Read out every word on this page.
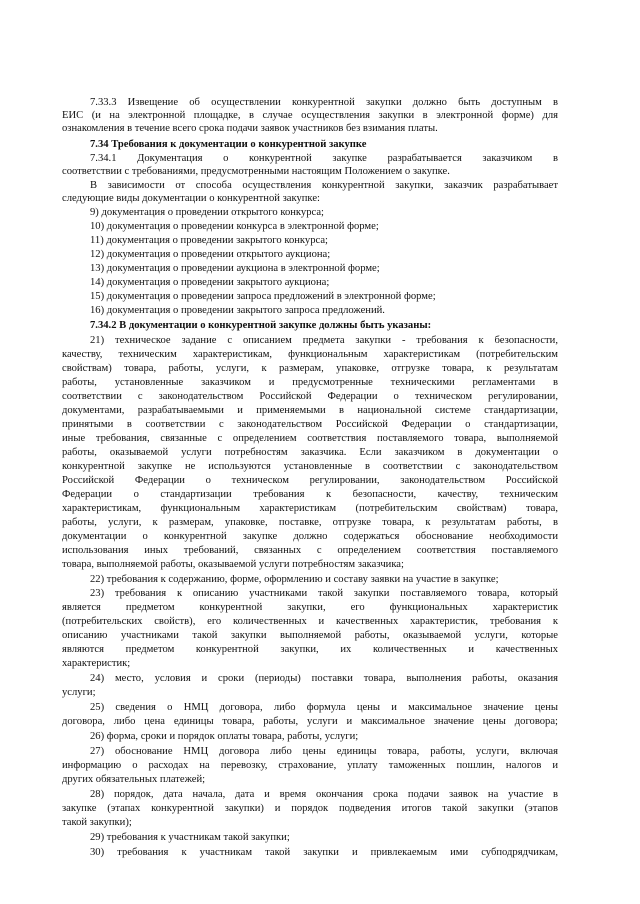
7.33.3 Извещение об осуществлении конкурентной закупки должно быть доступным в
ЕИС (и на электронной площадке, в случае осуществления закупки в электронной форме) для
ознакомления в течение всего срока подачи заявок участников без взимания платы.
7.34 Требования к документации о конкурентной закупке
7.34.1 Документация о конкурентной закупке разрабатывается заказчиком в
соответствии с требованиями, предусмотренными настоящим Положением о закупке.
В зависимости от способа осуществления конкурентной закупки, заказчик разрабатывает
следующие виды документации о конкурентной закупке:
9) документация о проведении открытого конкурса;
10) документация о проведении конкурса в электронной форме;
11) документация о проведении закрытого конкурса;
12) документация о проведении открытого аукциона;
13) документация о проведении аукциона в электронной форме;
14) документация о проведении закрытого аукциона;
15) документация о проведении запроса предложений в электронной форме;
16) документация о проведении закрытого запроса предложений.
7.34.2 В документации о конкурентной закупке должны быть указаны:
21) техническое задание с описанием предмета закупки - требования к безопасности,
качеству, техническим характеристикам, функциональным характеристикам (потребительским
свойствам) товара, работы, услуги, к размерам, упаковке, отгрузке товара, к результатам
работы, установленные заказчиком и предусмотренные техническими регламентами в
соответствии с законодательством Российской Федерации о техническом регулировании,
документами, разрабатываемыми и применяемыми в национальной системе стандартизации,
принятыми в соответствии с законодательством Российской Федерации о стандартизации,
иные требования, связанные с определением соответствия поставляемого товара, выполняемой
работы, оказываемой услуги потребностям заказчика. Если заказчиком в документации о
конкурентной закупке не используются установленные в соответствии с законодательством
Российской Федерации о техническом регулировании, законодательством Российской
Федерации о стандартизации требования к безопасности, качеству, техническим
характеристикам, функциональным характеристикам (потребительским свойствам) товара,
работы, услуги, к размерам, упаковке, поставке, отгрузке товара, к результатам работы, в
документации о конкурентной закупке должно содержаться обоснование необходимости
использования иных требований, связанных с определением соответствия поставляемого
товара, выполняемой работы, оказываемой услуги потребностям заказчика;
22) требования к содержанию, форме, оформлению и составу заявки на участие в закупке;
23) требования к описанию участниками такой закупки поставляемого товара, который
является предметом конкурентной закупки, его функциональных характеристик
(потребительских свойств), его количественных и качественных характеристик, требования к
описанию участниками такой закупки выполняемой работы, оказываемой услуги, которые
являются предметом конкурентной закупки, их количественных и качественных
характеристик;
24) место, условия и сроки (периоды) поставки товара, выполнения работы, оказания
услуги;
25) сведения о НМЦ договора, либо формула цены и максимальное значение цены
договора, либо цена единицы товара, работы, услуги и максимальное значение цены договора;
26) форма, сроки и порядок оплаты товара, работы, услуги;
27) обоснование НМЦ договора либо цены единицы товара, работы, услуги, включая
информацию о расходах на перевозку, страхование, уплату таможенных пошлин, налогов и
других обязательных платежей;
28) порядок, дата начала, дата и время окончания срока подачи заявок на участие в
закупке (этапах конкурентной закупки) и порядок подведения итогов такой закупки (этапов
такой закупки);
29) требования к участникам такой закупки;
30) требования к участникам такой закупки и привлекаемым ими субподрядчикам,
